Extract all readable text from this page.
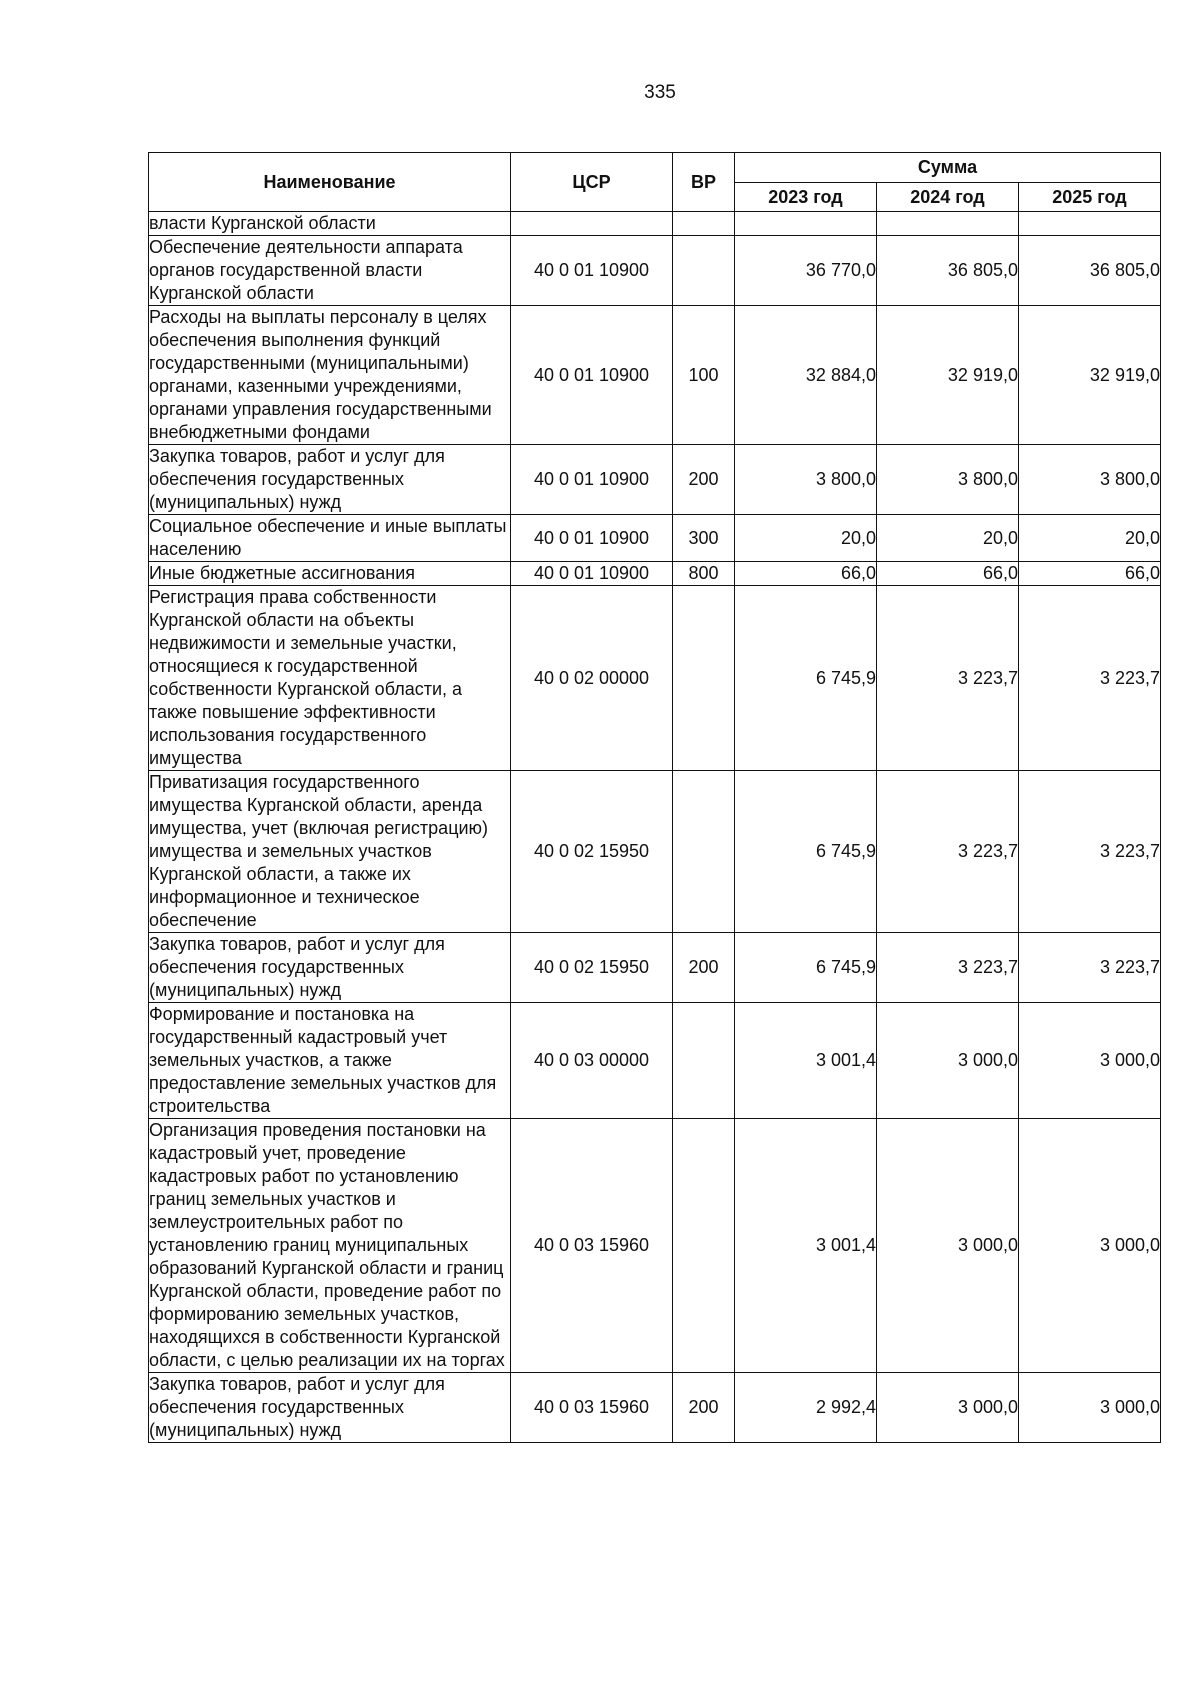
335
Наименование	ЦСР	ВР	Сумма		
			2023 год	2024 год	2025 год
власти Курганской области					
Обеспечение деятельности аппарата органов государственной власти Курганской области	40 0 01 10900		36 770,0	36 805,0	36 805,0
Расходы на выплаты персоналу в целях обеспечения выполнения функций государственными (муниципальными) органами, казенными учреждениями, органами управления государственными внебюджетными фондами	40 0 01 10900	100	32 884,0	32 919,0	32 919,0
Закупка товаров, работ и услуг для обеспечения государственных (муниципальных) нужд	40 0 01 10900	200	3 800,0	3 800,0	3 800,0
Социальное обеспечение и иные выплаты населению	40 0 01 10900	300	20,0	20,0	20,0
Иные бюджетные ассигнования	40 0 01 10900	800	66,0	66,0	66,0
Регистрация права собственности Курганской области на объекты недвижимости и земельные участки, относящиеся к государственной собственности Курганской области, а также повышение эффективности использования государственного имущества	40 0 02 00000		6 745,9	3 223,7	3 223,7
Приватизация государственного имущества Курганской области, аренда имущества, учет (включая регистрацию) имущества и земельных участков Курганской области, а также их информационное и техническое обеспечение	40 0 02 15950		6 745,9	3 223,7	3 223,7
Закупка товаров, работ и услуг для обеспечения государственных (муниципальных) нужд	40 0 02 15950	200	6 745,9	3 223,7	3 223,7
Формирование и постановка на государственный кадастровый учет земельных участков, а также предоставление земельных участков для строительства	40 0 03 00000		3 001,4	3 000,0	3 000,0
Организация проведения постановки на кадастровый учет, проведение кадастровых работ по установлению границ земельных участков и землеустроительных работ по установлению границ муниципальных образований Курганской области и границ Курганской области, проведение работ по формированию земельных участков, находящихся в собственности Курганской области, с целью реализации их на торгах	40 0 03 15960		3 001,4	3 000,0	3 000,0
Закупка товаров, работ и услуг для обеспечения государственных (муниципальных) нужд	40 0 03 15960	200	2 992,4	3 000,0	3 000,0
